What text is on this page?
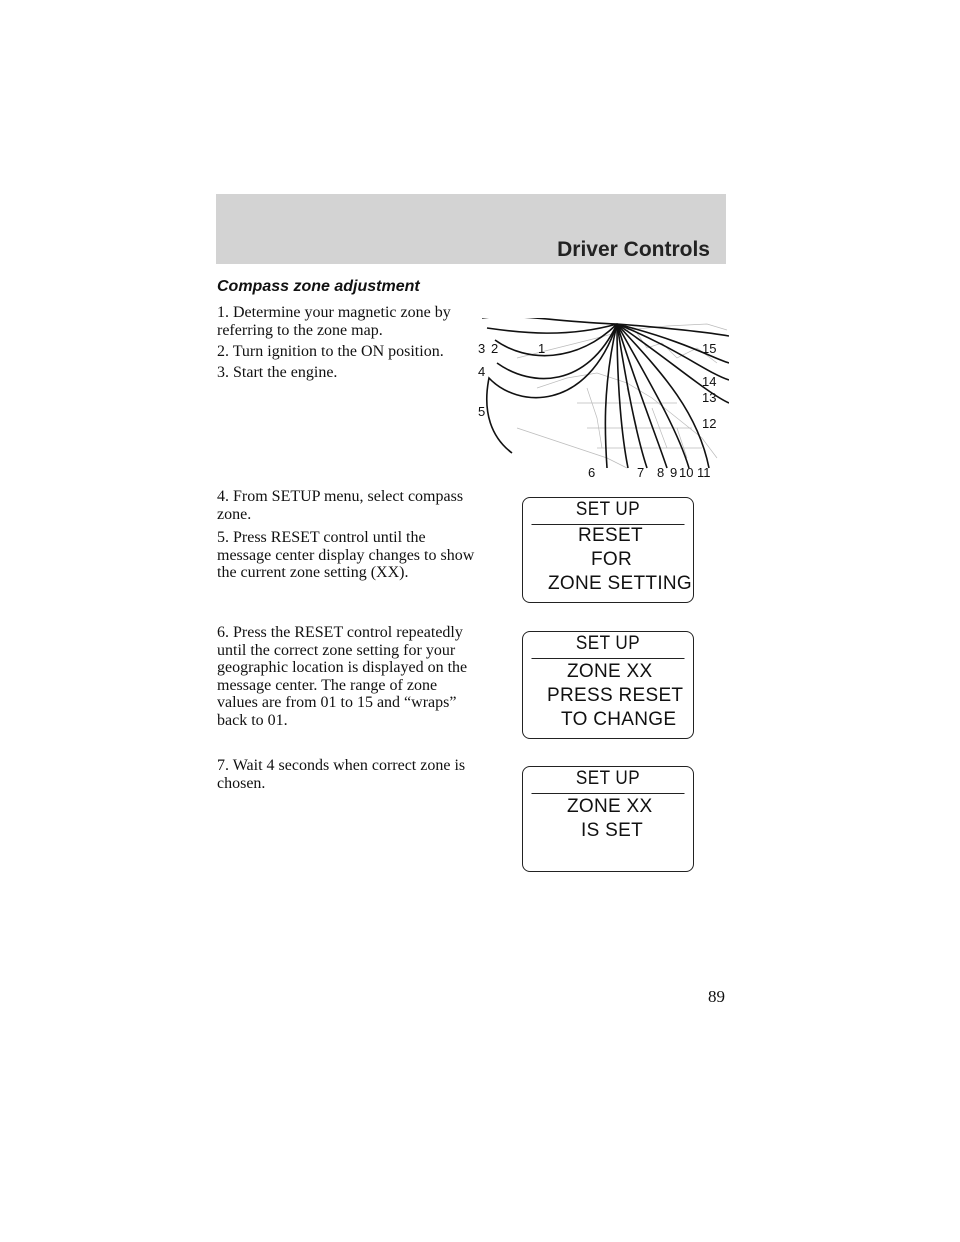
Driver Controls
Compass zone adjustment
1. Determine your magnetic zone by referring to the zone map.
2. Turn ignition to the ON position.
3. Start the engine.
4. From SETUP menu, select compass zone.
5. Press RESET control until the message center display changes to show the current zone setting (XX).
6. Press the RESET control repeatedly until the correct zone setting for your geographic location is displayed on the message center. The range of zone values are from 01 to 15 and “wraps” back to 01.
7. Wait 4 seconds when correct zone is chosen.
1
2
3
4
5
6	7 8 9 10 11
12
13
14
15
SET UP
RESET
FOR
ZONE SETTING
SET UP
ZONE XX
PRESS RESET
TO CHANGE
SET UP
ZONE XX
IS SET
89
